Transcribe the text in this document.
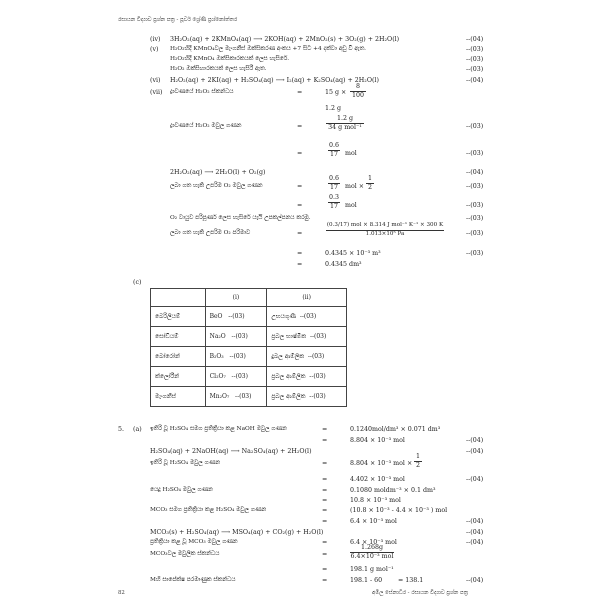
රසායන විද්‍යාව ප්‍රශ්න පත්‍ර - පූර්ව ශ්‍රේණි ප්‍රශ්නෝත්තර
(iv) 3H₂O₂(aq) + 2KMnO₄(aq) ⟶ 2KOH(aq) + 2MnO₂(s) + 3O₂(g) + 2H₂O(l)	--(04)
(v) H₂O₂හිදී KMnO₄වල මැංගනීස් ඔක්සිකරණ අංකය +7 සිට +4 දක්වා අඩු වී ඇත.	--(03)
H₂O₂හිදී KMnO₄ ඔක්සිකාරකයක් ලෙස හැසිරේ.	--(03)
H₂O₂ ඔක්සිහාරකයක් ලෙස හැසිරී ඇත.	--(03)
(vi) H₂O₂(aq) + 2KI(aq) + H₂SO₄(aq) ⟶ I₂(aq) + K₂SO₄(aq) + 2H₂O(l)	--(04)
(vii) ද්‍රාවණයේ H₂O₂ ස්කන්ධය	=	15 $g \times \frac{8}{100}$
1.2 g
ද්‍රාවණයේ H₂O₂ මවුල ගණන	=
1.2 g
34 g mol⁻¹	--(03)
=	$\frac{0.6}{17}$ mol	--(03)
2H₂O₂(aq) ⟶ 2H₂O(l) + O₂(g)	--(04)
ලබා ගත හැකි උපරිම O₂ මවුල ගණන	=	$\frac{0.6}{17}$ mol × $\frac{1}{2}$	--(03)
=	$\frac{0.3}{17}$ mol	--(03)
O₂ වායුව පරිපූර්ණ ලෙස හැසිරේ යැයි උපකල්පනය කරමු.	--(03)
ලබා ගත හැකි උපරිම O₂ පරිමාව	=
(0.3/17) mol × 8.314 J mol⁻¹ K⁻¹ × 300 K
1.013×10⁵ Pa	--(03)
=	0.4345 × 10⁻³ m³	--(03)
=	0.4345 dm³
(c)
	(i)	(ii)
බෙරිලියම්	BeO --(03)	උභයගුණී --(03)
සෝඩියම්	Na₂O --(03)	ප්‍රබල භාෂ්මික --(03)
බෝරෝන්	B₂O₃ --(03)	දුබල ආම්ලික --(03)
ක්ලෝරීන්	Cl₂O₇ --(03)	ප්‍රබල ආම්ලික --(03)
මැංගනීස්	Mn₂O₇ --(03)	ප්‍රබල ආම්ලික --(03)
5. (a) ඉතිරි වූ H₂SO₄ සමග ප්‍රතික්‍රියා කළ NaOH මවුල ගණන	=	0.1240mol/dm³ × 0.071 dm³
=	8.804 × 10⁻³ mol	--(04)
H₂SO₄(aq) + 2NaOH(aq) ⟶ Na₂SO₄(aq) + 2H₂O(l)	--(04)
ඉතිරි වූ H₂SO₄ මවුල ගණන	=	8.804 × 10⁻³ mol × $\frac{1}{2}$
=	4.402 × 10⁻³ mol	--(04)
යෙදූ H₂SO₄ මවුල ගණන	=	0.1080 moldm⁻³ × 0.1 dm³
=	10.8 × 10⁻³ mol
MCO₃ සමග ප්‍රතික්‍රියා කළ H₂SO₄ මවුල ගණන	=	(10.8 × 10⁻³ - 4.4 × 10⁻³ ) mol
=	6.4 × 10⁻³ mol	--(04)
MCO₃(s) + H₂SO₄(aq) ⟶ MSO₄(aq) + CO₂(g) + H₂O(l)	--(04)
ප්‍රතික්‍රියා කළ වූ MCO₃ මවුල ගණන	=	6.4 × 10⁻³ mol	--(04)
MCO₃වල මවුලික ස්කන්ධය	=
1.268g
6.4×10⁻³ mol
=	198.1 g mol⁻¹
Mහි සාපේක්ෂ පරමාණුක ස්කන්ධය	=	198.1 - 60	= 138.1	--(04)
82	අමිල සේනාධීර - රසායන විද්‍යාව ප්‍රශ්න පත්‍ර
